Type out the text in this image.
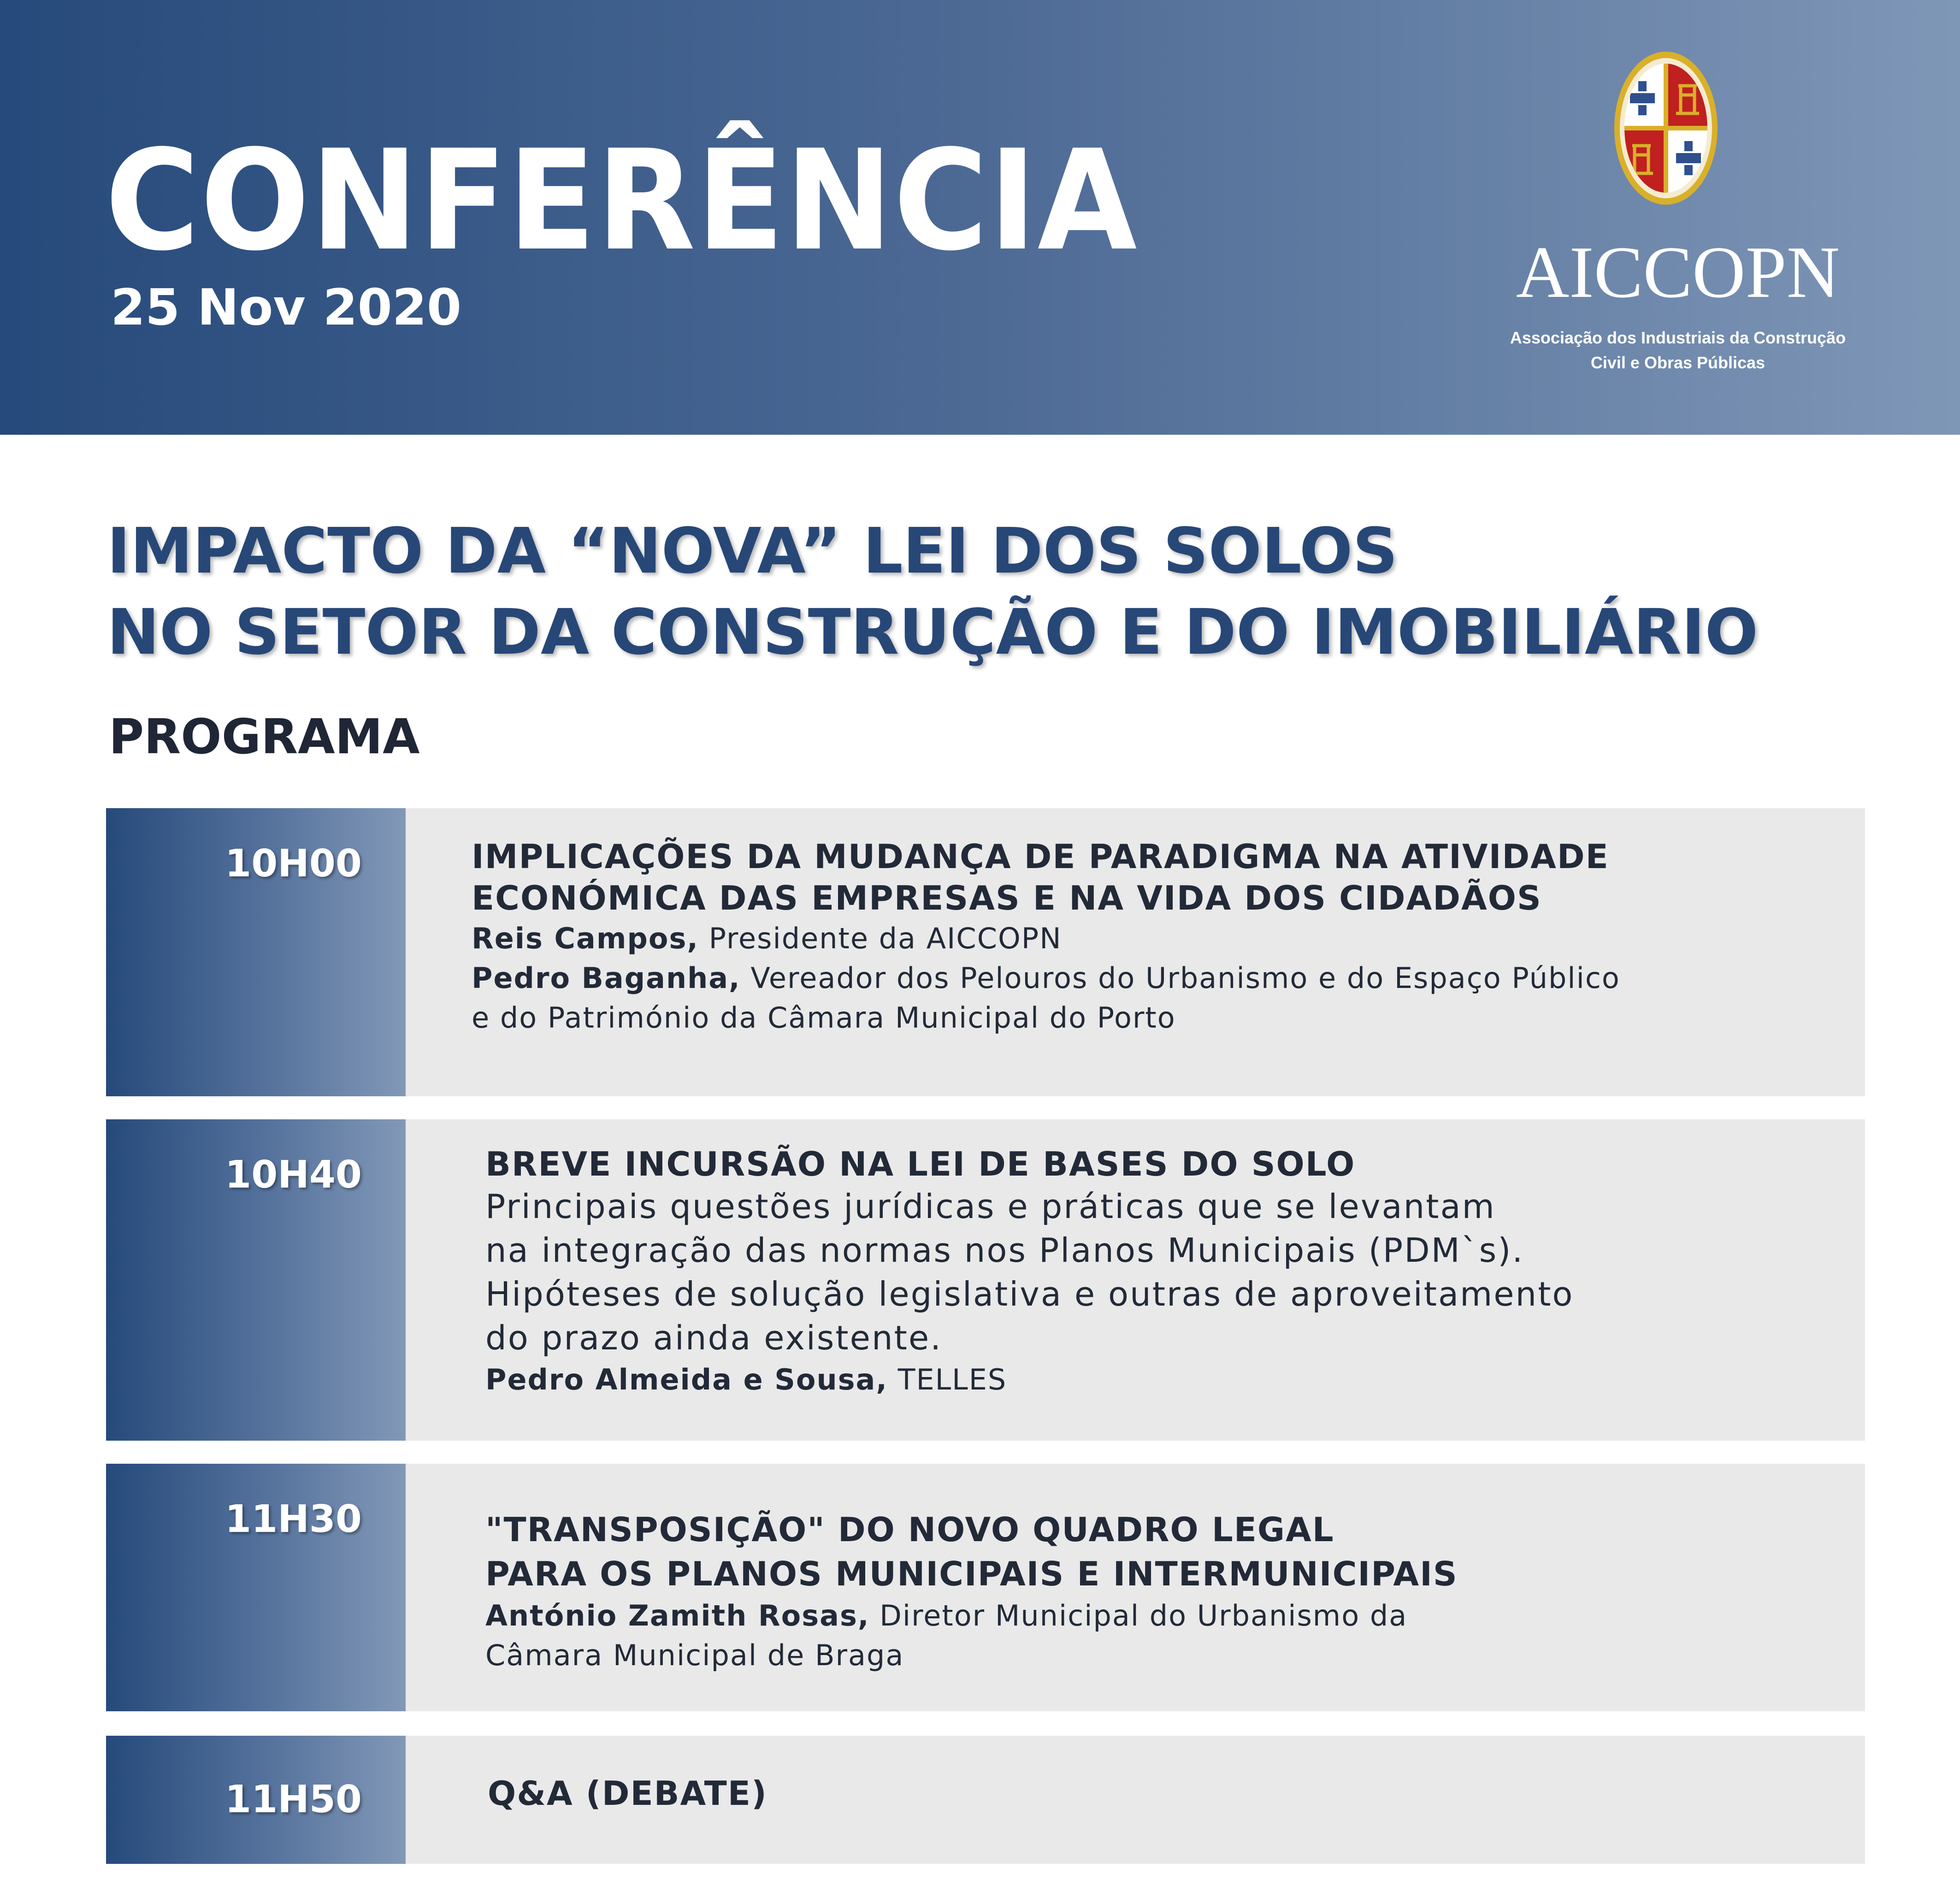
CONFERÊNCIA
25 Nov 2020	AICCOPN
Associação dos Industriais da Construção
Civil e Obras Públicas
IMPACTO DA “NOVA” LEI DOS SOLOS
NO SETOR DA CONSTRUÇÃO E DO IMOBILIÁRIO
PROGRAMA
10H00	IMPLICAÇÕES DA MUDANÇA DE PARADIGMA NA ATIVIDADE
ECONÓMICA DAS EMPRESAS E NA VIDA DOS CIDADÃOS
Reis Campos, Presidente da AICCOPN
Pedro Baganha, Vereador dos Pelouros do Urbanismo e do Espaço Público
e do Património da Câmara Municipal do Porto
10H40	BREVE INCURSÃO NA LEI DE BASES DO SOLO
Principais questões jurídicas e práticas que se levantam
na integração das normas nos Planos Municipais (PDM`s).
Hipóteses de solução legislativa e outras de aproveitamento
do prazo ainda existente.
Pedro Almeida e Sousa, TELLES
11H30	"TRANSPOSIÇÃO" DO NOVO QUADRO LEGAL
PARA OS PLANOS MUNICIPAIS E INTERMUNICIPAIS
António Zamith Rosas, Diretor Municipal do Urbanismo da
Câmara Municipal de Braga
11H50	Q&A (DEBATE)
